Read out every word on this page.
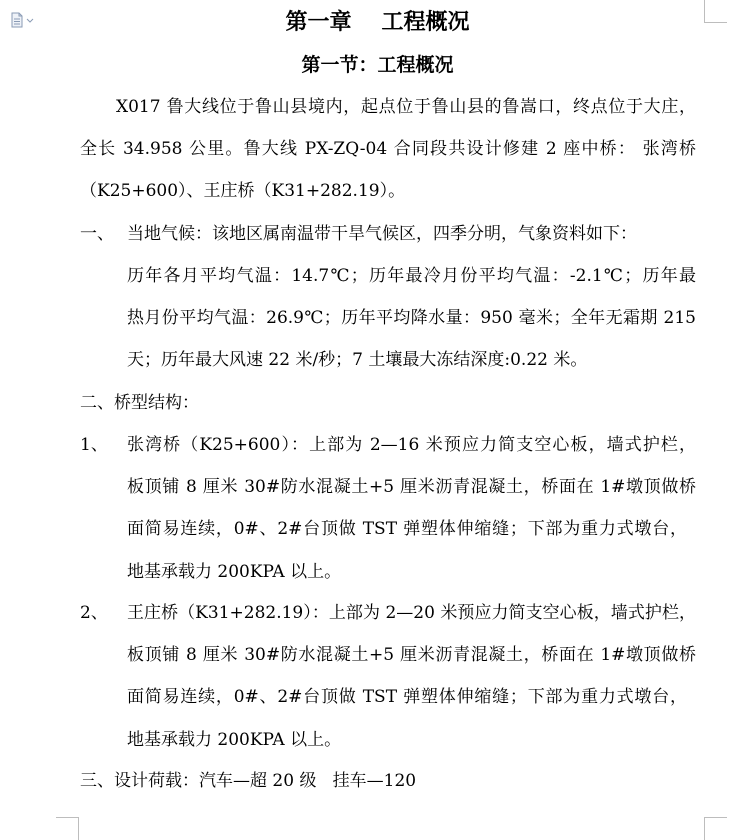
第一章 工程概况
第一节：工程概况
X017 鲁大线位于鲁山县境内，起点位于鲁山县的鲁嵩口，终点位于大庄，
全长 34.958 公里。鲁大线 PX-ZQ-04 合同段共设计修建 2 座中桥： 张湾桥
（K25+600）、王庄桥（K31+282.19）。
一、 当地气候：该地区属南温带干旱气候区，四季分明，气象资料如下：
历年各月平均气温：14.7℃；历年最冷月份平均气温：-2.1℃；历年最
热月份平均气温：26.9℃；历年平均降水量：950 毫米；全年无霜期 215
天；历年最大风速 22 米/秒；7 土壤最大冻结深度:0.22 米。
二、桥型结构：
1、 张湾桥（K25+600）：上部为 2—16 米预应力简支空心板，墙式护栏，
板顶铺 8 厘米 30#防水混凝土+5 厘米沥青混凝土，桥面在 1#墩顶做桥
面简易连续，0#、2#台顶做 TST 弹塑体伸缩缝；下部为重力式墩台，
地基承载力 200KPA 以上。
2、 王庄桥（K31+282.19）：上部为 2—20 米预应力简支空心板，墙式护栏，
板顶铺 8 厘米 30#防水混凝土+5 厘米沥青混凝土，桥面在 1#墩顶做桥
面简易连续，0#、2#台顶做 TST 弹塑体伸缩缝；下部为重力式墩台，
地基承载力 200KPA 以上。
三、设计荷载：汽车—超 20 级   挂车—120
